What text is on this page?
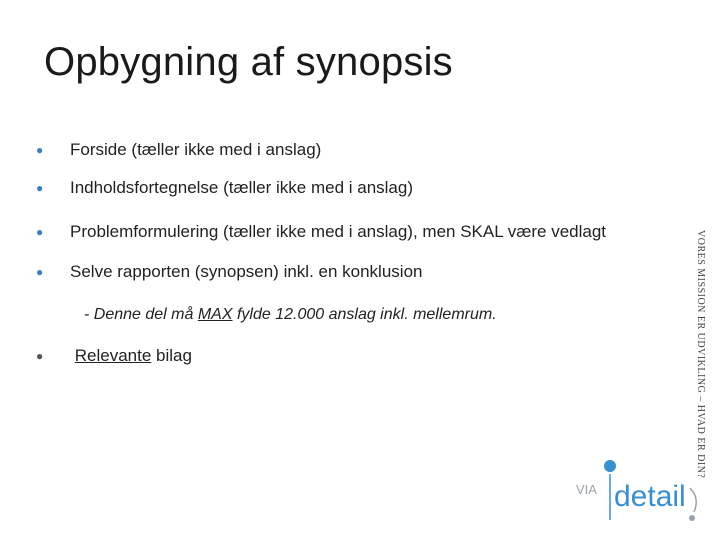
Opbygning af synopsis
●	Forside (tæller ikke med i anslag)
●	Indholdsfortegnelse (tæller ikke med i anslag)
●	Problemformulering (tæller ikke med i anslag), men SKAL være vedlagt
●	Selve rapporten (synopsen) inkl. en konklusion
●	Relevante bilag
- Denne del må MAX fylde 12.000 anslag inkl. mellemrum.	VORES MISSION ER UDVIKLING – HVAD ER DIN?
VIA detail
